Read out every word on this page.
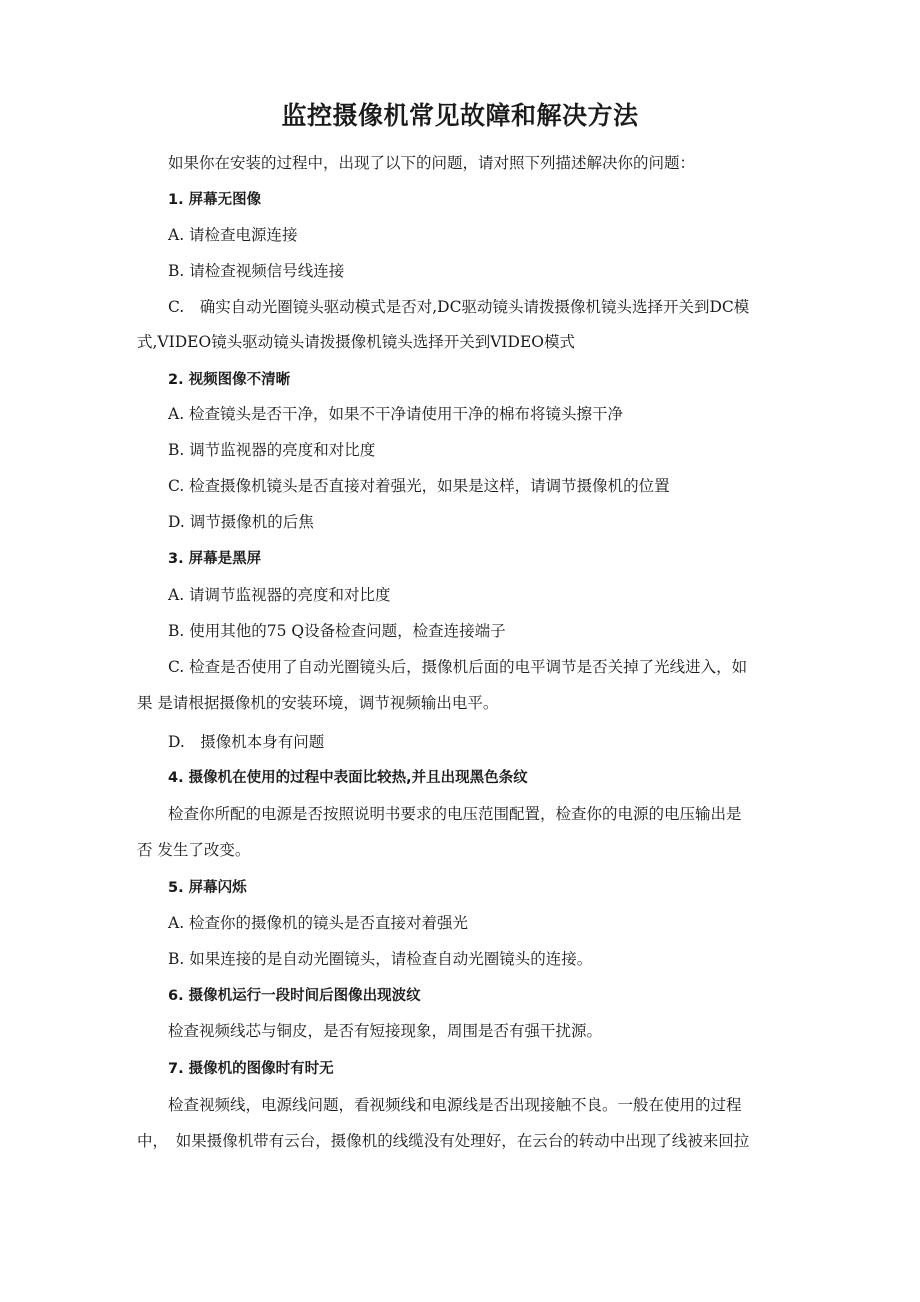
监控摄像机常见故障和解决方法
如果你在安装的过程中，出现了以下的问题，请对照下列描述解决你的问题：
1. 屏幕无图像
A. 请检查电源连接
B. 请检查视频信号线连接
C.　确实自动光圈镜头驱动模式是否对,DC驱动镜头请拨摄像机镜头选择开关到DC模
式,VIDEO镜头驱动镜头请拨摄像机镜头选择开关到VIDEO模式
2. 视频图像不清晰
A. 检查镜头是否干净，如果不干净请使用干净的棉布将镜头擦干净
B. 调节监视器的亮度和对比度
C. 检查摄像机镜头是否直接对着强光，如果是这样，请调节摄像机的位置
D. 调节摄像机的后焦
3. 屏幕是黑屏
A. 请调节监视器的亮度和对比度
B. 使用其他的75 Q设备检查问题，检查连接端子
C. 检查是否使用了自动光圈镜头后，摄像机后面的电平调节是否关掉了光线进入，如
果 是请根据摄像机的安装环境，调节视频输出电平。
D.　摄像机本身有问题
4. 摄像机在使用的过程中表面比较热,并且出现黑色条纹
检查你所配的电源是否按照说明书要求的电压范围配置，检查你的电源的电压输出是
否 发生了改变。
5. 屏幕闪烁
A. 检查你的摄像机的镜头是否直接对着强光
B. 如果连接的是自动光圈镜头，请检查自动光圈镜头的连接。
6. 摄像机运行一段时间后图像出现波纹
检查视频线芯与铜皮，是否有短接现象，周围是否有强干扰源。
7. 摄像机的图像时有时无
检查视频线，电源线问题，看视频线和电源线是否出现接触不良。一般在使用的过程
中，　如果摄像机带有云台，摄像机的线缆没有处理好，在云台的转动中出现了线被来回拉
